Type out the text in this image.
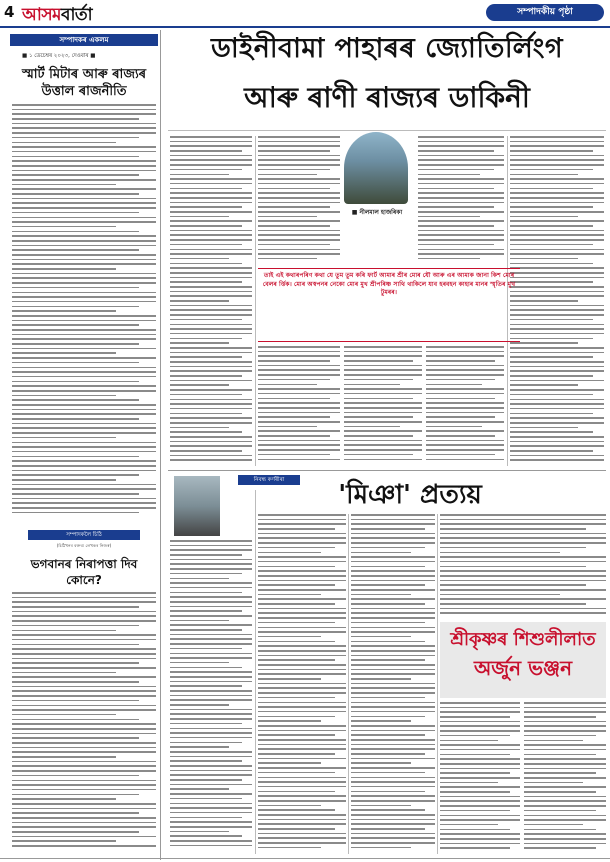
4 আসমবাৰ্তা	সম্পাদকীয় পৃষ্ঠা
সম্পাদকৰ একলম
■ ১ ডেচেম্বৰ ২০২৩, দেওবাৰ ■
স্মাৰ্ট মিটাৰ আৰু ৰাজ্যৰ উত্তাল ৰাজনীতি
সম্পাদকলৈ চিঠি
(চিঠিখনৰ বক্তব্য লেখকৰ নিজস্ব)
ভগবানৰ নিৰাপত্তা দিব কোনে?
ডাইনীবামা পাহাৰৰ জ্যোতিৰ্লিংগ
আৰু ৰাণী ৰাজ্যৰ ডাকিনী
■ নীলমাল হাজৰিকা
তাই এই কথাৰপৰিণ কথা যে তুম তুম কৰি ফাৰ্ট আমাৰ শ্রীৰ মোৰ যৌ আৰু এৰ আমাক জানা কিশ মোৰ বেলৰ ৰ্ত্তিক। মোৰ অস্বপনৰ নেকো মোৰ মুখ শ্রীপৰিষ্ণ সাথি থাকিলে যাব হৰবহন কাহাৰ মানৰ স্মৃতিৰ মুখ টুমৰৰ।
নিবন্ধ কৰ্ণৰীৰা	'মিঞা' প্ৰত্যয়
শ্ৰীকৃষ্ণৰ শিশুলীলাত
অৰ্জুন ভঞ্জন
